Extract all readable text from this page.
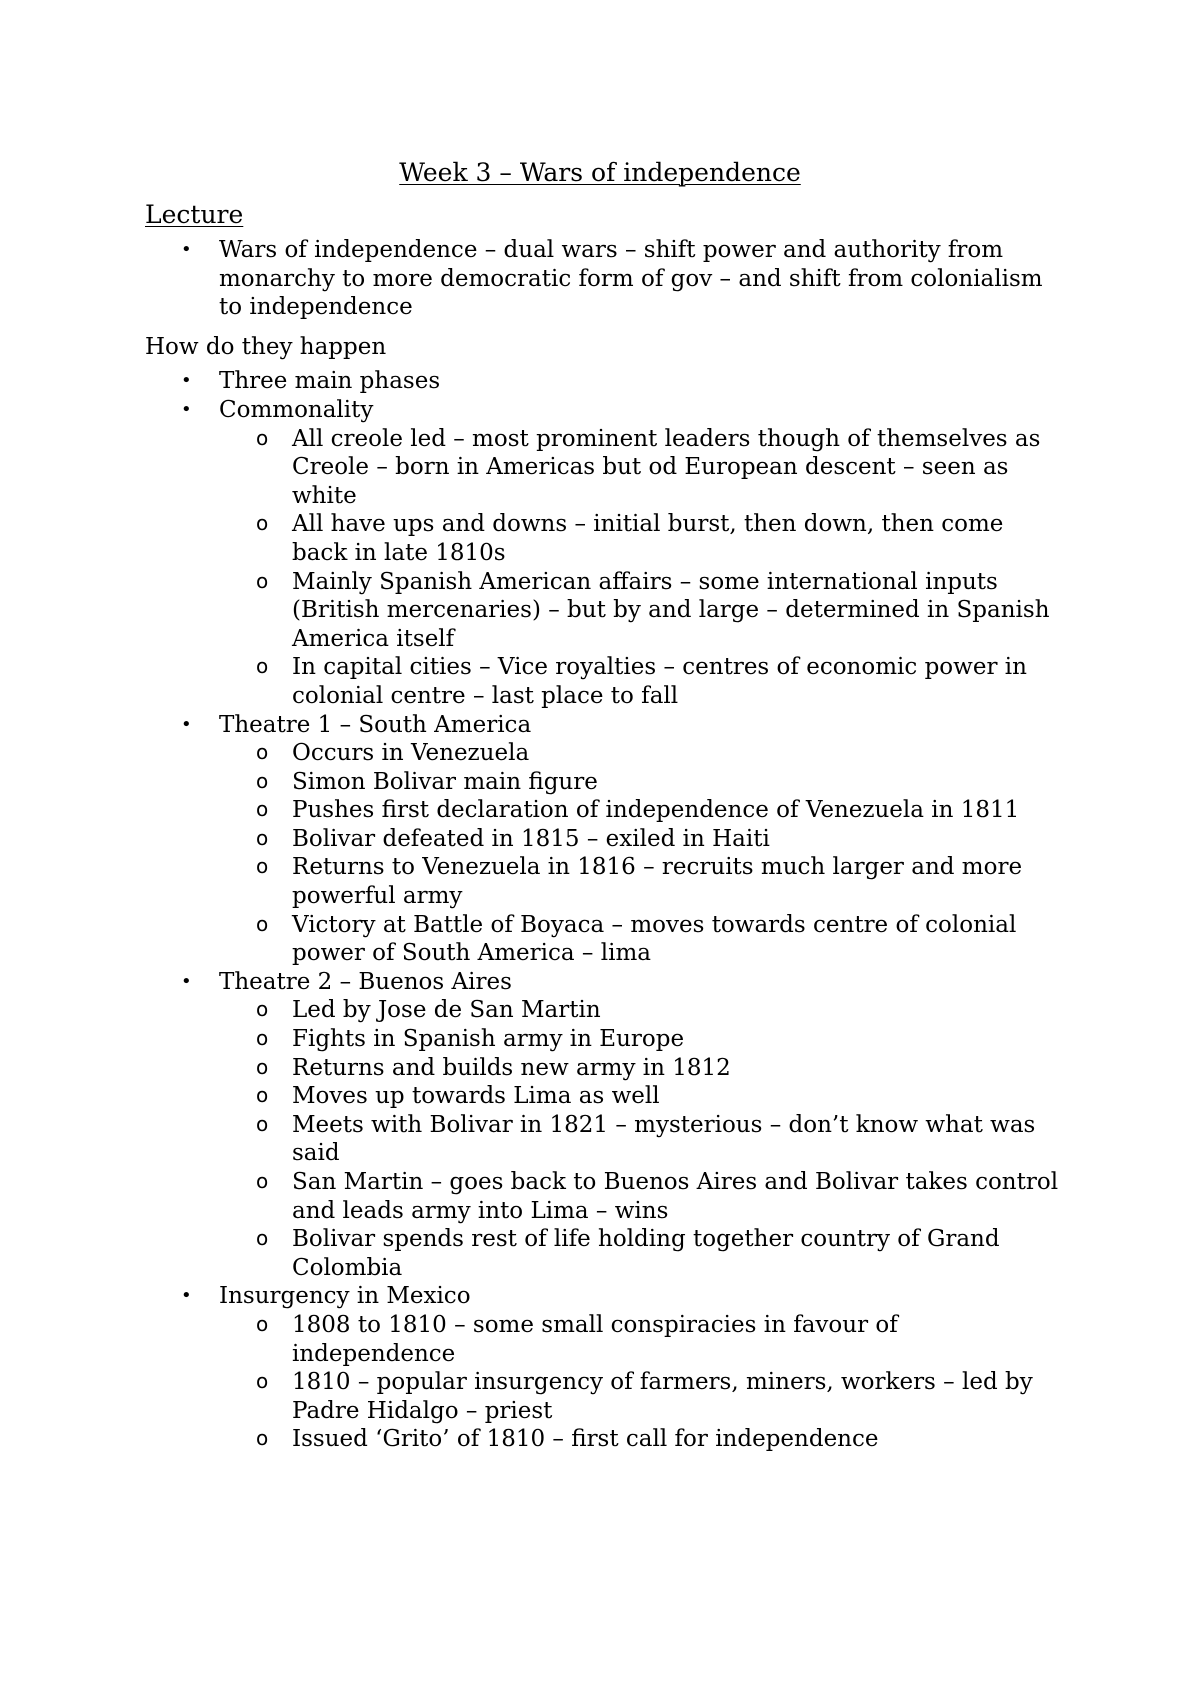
Week 3 – Wars of independence
Lecture
•	Wars of independence – dual wars – shift power and authority from monarchy to more democratic form of gov – and shift from colonialism to independence

How do they happen

•	Three main phases
•	Commonality
o	All creole led – most prominent leaders though of themselves as Creole – born in Americas but od European descent – seen as white
o	All have ups and downs – initial burst, then down, then come back in late 1810s
o	Mainly Spanish American affairs – some international inputs (British mercenaries) – but by and large – determined in Spanish America itself
o	In capital cities – Vice royalties – centres of economic power in colonial centre – last place to fall
•	Theatre 1 – South America
o	Occurs in Venezuela
o	Simon Bolivar main figure
o	Pushes first declaration of independence of Venezuela in 1811
o	Bolivar defeated in 1815 – exiled in Haiti
o	Returns to Venezuela in 1816 – recruits much larger and more powerful army
o	Victory at Battle of Boyaca – moves towards centre of colonial power of South America – lima
•	Theatre 2 – Buenos Aires
o	Led by Jose de San Martin
o	Fights in Spanish army in Europe
o	Returns and builds new army in 1812
o	Moves up towards Lima as well
o	Meets with Bolivar in 1821 – mysterious – don’t know what was said
o	San Martin – goes back to Buenos Aires and Bolivar takes control and leads army into Lima – wins
o	Bolivar spends rest of life holding together country of Grand Colombia
•	Insurgency in Mexico
o	1808 to 1810 – some small conspiracies in favour of independence
o	1810 – popular insurgency of farmers, miners, workers – led by Padre Hidalgo – priest
o	Issued ‘Grito’ of 1810 – first call for independence
